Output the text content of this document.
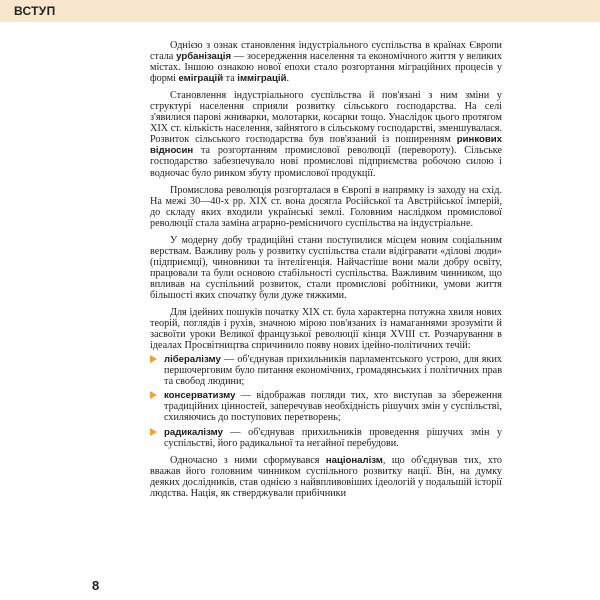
ВСТУП

Однією з ознак становлення індустріального суспільства в країнах Європи стала урбанізація — зосередження населення та економічного життя у великих містах. Іншою ознакою нової епохи стало розгортання міграційних процесів у формі еміграцій та імміграцій.

Становлення індустріального суспільства й пов'язані з ним зміни у структурі населення сприяли розвитку сільського господарства. На селі з'явилися парові жниварки, молотарки, косарки тощо. Унаслідок цього протягом XIX ст. кількість населення, зайнятого в сільському господарстві, зменшувалася. Розвиток сільського господарства був пов'язаний із поширенням ринкових відносин та розгортанням промислової революції (перевороту). Сільське господарство забезпечувало нові промислові підприємства робочою силою і водночас було ринком збуту промислової продукції.

Промислова революція розгорталася в Європі в напрямку із заходу на схід. На межі 30—40-х рр. XIX ст. вона досягла Російської та Австрійської імперій, до складу яких входили українські землі. Головним наслідком промислової революції стала заміна аграрно-ремісничого суспільства на індустріальне.

У модерну добу традиційні стани поступилися місцем новим соціальним верствам. Важливу роль у розвитку суспільства стали відігравати «ділові люди» (підприємці), чиновники та інтелігенція. Найчастіше вони мали добру освіту, працювали та були основою стабільності суспільства. Важливим чинником, що впливав на суспільний розвиток, стали промислові робітники, умови життя більшості яких спочатку були дуже тяжкими.

Для ідейних пошуків початку XIX ст. була характерна потужна хвиля нових теорій, поглядів і рухів, значною мірою пов'язаних із намаганнями зрозуміти й засвоїти уроки Великої французької революції кінця XVIII ст. Розчарування в ідеалах Просвітництва спричинило появу нових ідейно-політичних течій:

лібералізму — об'єднував прихильників парламентського устрою, для яких першочерговим було питання економічних, громадянських і політичних прав та свобод людини;
консерватизму — відображав погляди тих, хто виступав за збереження традиційних цінностей, заперечував необхідність рішучих змін у суспільстві, схиляючись до поступових перетворень;
радикалізму — об'єднував прихильників проведення рішучих змін у суспільстві, його радикальної та негайної перебудови.

Одночасно з ними сформувався націоналізм, що об'єднував тих, хто вважав його головним чинником суспільного розвитку нації. Він, на думку деяких дослідників, став однією з найвпливовіших ідеологій у подальшій історії людства. Нація, як стверджували прибічники

8
